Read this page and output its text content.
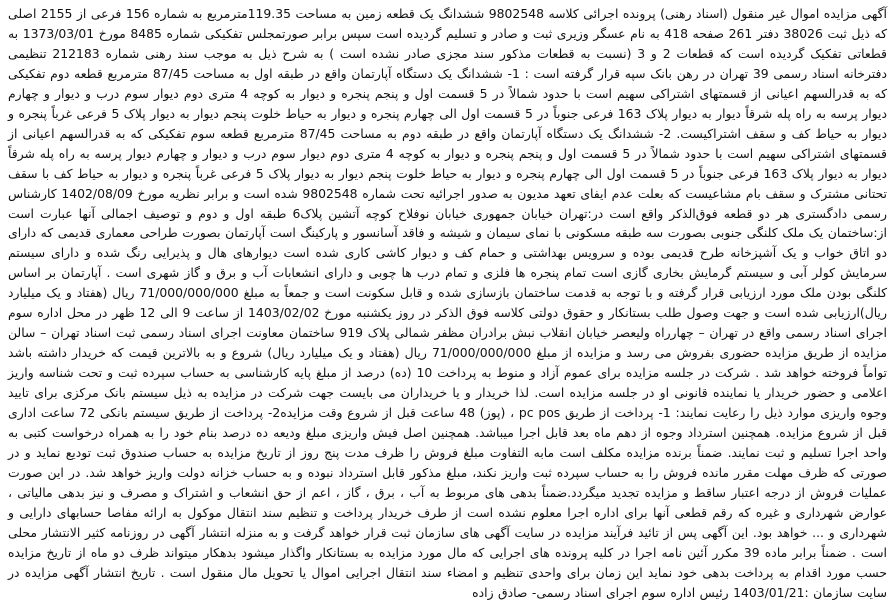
آگهی مزایده اموال غیر منقول (اسناد رهنی) پرونده اجرائی کلاسه 9802548 ششدانگ یک قطعه زمین به مساحت 119.35مترمربع به شماره 156 فرعی از 2155 اصلی که ذیل ثبت 38026 دفتر 261 صفحه 418 به نام عسگر وزیری ثبت و صادر و تسلیم گردیده است سپس برابر صورتمجلس تفکیکی شماره 8485 مورخ 1373/03/01 به قطعاتی تفکیک گردیده است که قطعات 2 و 3 (نسبت به قطعات مذکور سند مجزی صادر نشده است ) به شرح ذیل به موجب سند رهنی شماره 212183 تنظیمی دفترخانه اسناد رسمی 39 تهران در رهن بانک سپه قرار گرفته است : 1- ششدانگ یک دستگاه آپارتمان واقع در طبقه اول به مساحت 87/45 مترمربع قطعه دوم تفکیکی که به قدرالسهم اعیانی از قسمتهای اشتراکی سهیم است با حدود شمالاً در 5 قسمت اول و پنجم پنجره و دیوار به کوچه 4 متری دوم دیوار سوم درب و دیوار و چهارم دیوار پرسه به راه پله شرقاً دیوار به دیوار پلاک 163 فرعی جنوباً در 5 قسمت اول الی چهارم پنجره و دیوار به حیاط خلوت پنجم دیوار به دیوار پلاک 5 فرعی غرباً پنجره و دیوار به حیاط کف و سقف اشتراکیست. 2- ششدانگ یک دستگاه آپارتمان واقع در طبقه دوم به مساحت 87/45 مترمربع قطعه سوم تفکیکی که به قدرالسهم اعیانی از قسمتهای اشتراکی سهیم است با حدود شمالاً در 5 قسمت اول و پنجم پنجره و دیوار به کوچه 4 متری دوم دیوار سوم درب و دیوار و چهارم دیوار پرسه به راه پله شرقاً دیوار به دیوار پلاک 163 فرعی جنوباً در 5 قسمت اول الی چهارم پنجره و دیوار به حیاط خلوت پنجم دیوار به دیوار پلاک 5 فرعی غرباً پنجره و دیوار به حیاط کف با سقف تحتانی مشترک و سقف بام مشاعیست که بعلت عدم ایفای تعهد مدیون به صدور اجرائیه تحت شماره 9802548 شده است و برابر نظریه مورخ 1402/08/09 کارشناس رسمی دادگستری هر دو قطعه فوق‌الذکر واقع است در:تهران خیابان جمهوری خیابان نوفلاح کوچه آتشین پلاک6 طبقه اول و دوم و توصیف اجمالی آنها عبارت است از:ساختمان یک ملک کلنگی جنوبی بصورت سه طبقه مسکونی با نمای سیمان و شیشه و فاقد آسانسور و پارکینگ است آپارتمان بصورت طراحی معماری قدیمی که دارای دو اتاق خواب و یک آشپزخانه طرح قدیمی بوده و سرویس بهداشتی و حمام کف و دیوار کاشی کاری شده است دیوارهای هال و پذیرایی رنگ شده و دارای سیستم سرمایش کولر آبی و سیستم گرمایش بخاری گازی است تمام پنجره ها فلزی و تمام درب ها چوبی و دارای انشعابات آب و برق و گاز شهری است . آپارتمان بر اساس کلنگی بودن ملک مورد ارزیابی قرار گرفته و با توجه به قدمت ساختمان بازسازی شده و قابل سکونت است و جمعاً به مبلغ 71/000/000/000 ریال (هفتاد و یک میلیارد ریال)ارزیابی شده است و جهت وصول طلب بستانکار و حقوق دولتی کلاسه فوق الذکر در روز یکشنبه مورخ 1403/02/02 از ساعت 9 الی 12 ظهر در محل اداره سوم اجرای اسناد رسمی واقع در تهران – چهارراه ولیعصر خیابان انقلاب نبش برادران مظفر شمالی پلاک 919 ساختمان معاونت اجرای اسناد رسمی ثبت اسناد تهران – سالن مزایده از طریق مزایده حضوری بفروش می رسد و مزایده از مبلغ 71/000/000/000 ریال (هفتاد و یک میلیارد ریال) شروع و به بالاترین قیمت که خریدار داشته باشد تواماً فروخته خواهد شد . شرکت در جلسه مزایده برای عموم آزاد و منوط به پرداخت 10 (ده) درصد از مبلغ پایه کارشناسی به حساب سپرده ثبت و تحت شناسه واریز اعلامی و حضور خریدار یا نماینده قانونی او در جلسه مزایده است. لذا خریدار و یا خریداران می بایست جهت شرکت در مزایده به ذیل سیستم بانک مرکزی برای تایید وجوه واریزی موارد ذیل را رعایت نمایند: 1- پرداخت از طریق pc pos ، (پوز) 48 ساعت قبل از شروع وقت مزایده2- پرداخت از طریق سیستم بانکی 72 ساعت اداری قبل از شروع مزایده. همچنین استرداد وجوه از دهم ماه بعد قابل اجرا میباشد. همچنین اصل فیش واریزی مبلغ ودیعه ده درصد بنام خود را به همراه درخواست کتبی به واحد اجرا تسلیم و ثبت نمایند. ضمناً برنده مزایده مکلف است مابه التفاوت مبلغ فروش را ظرف مدت پنج روز از تاریخ مزایده به حساب صندوق ثبت تودیع نماید و در صورتی که ظرف مهلت مقرر مانده فروش را به حساب سپرده ثبت واریز نکند، مبلغ مذکور قابل استرداد نبوده و به حساب خزانه دولت واریز خواهد شد. در این صورت عملیات فروش از درجه اعتبار ساقط و مزایده تجدید میگردد.ضمناً بدهی های مربوط به آب ، برق ، گاز ، اعم از حق انشعاب و اشتراک و مصرف و نیز بدهی مالیاتی ، عوارض شهرداری و غیره که رقم قطعی آنها برای اداره اجرا معلوم نشده است از طرف خریدار پرداخت و تنظیم سند انتقال موکول به ارائه مفاصا حسابهای دارایی و شهرداری و ... خواهد بود. این آگهی پس از تائید فرآیند مزایده در سایت آگهی های سازمان ثبت قرار خواهد گرفت و به منزله انتشار آگهی در روزنامه کثیر الانتشار محلی است . ضمناً برابر ماده 39 مکرر آئین نامه اجرا در کلیه پرونده های اجرایی که مال مورد مزایده به بستانکار واگذار میشود بدهکار میتواند ظرف دو ماه از تاریخ مزایده حسب مورد اقدام به پرداخت بدهی خود نماید این زمان برای واحدی تنظیم و امضاء سند انتقال اجرایی اموال یا تحویل مال منقول است . تاریخ انتشار آگهی مزایده در سایت سازمان :1403/01/21 رئیس اداره سوم اجرای اسناد رسمی- صادق زاده
